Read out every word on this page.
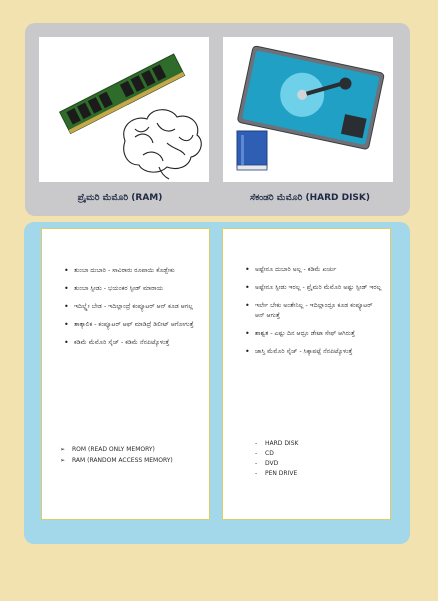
ಪ್ರೈಮರಿ ಮೆಮೊರಿ (RAM)	ಸೆಕಂಡರಿ ಮೆಮೊರಿ (HARD DISK)
• ತುಂಬಾ ದುಬಾರಿ - ಸಾವಿರಾರು ರೂಪಾಯಿ ಕೊಡ್ಬೇಕು
• ತುಂಬಾ ಸ್ಪೀಡು - ಭಯಂಕರ ಸ್ಪೀಡ್ ಮಾರಾಯ
• ಇದಿಲ್ಲ್ದೇ ಬೇಡ - ಇದಿಲ್ಲಾಂದ್ರೆ ಕಂಪ್ಯೂಟರ್ ಆನ್ ಕೂಡ ಆಗಲ್ಲ
• ತಾತ್ಕಾಲಿಕ - ಕಂಪ್ಯೂಟರ್ ಆಫ್ ಮಾಡಿದ್ರೆ ಡಿಲೀಟ್ ಆಗೋಗುತ್ತೆ
• ಕಡಿಮೆ ಮೆಮೊರಿ ಸೈಜ್ - ಕಡಿಮೆ ನೆನಪಿಟ್ಕೊಳುತ್ತೆ
➢ ROM (READ ONLY MEMORY)
➢ RAM (RANDOM ACCESS MEMORY)
• ಅಷ್ಟೇನೂ ದುಬಾರಿ ಅಲ್ಲ - ಕಡಿಮೆ ಖರ್ಚು
• ಅಷ್ಟೇನೂ ಸ್ಪೀಡು ಇರಲ್ಲ - ಪ್ರೈಮರಿ ಮೆಮೊರಿ ಅಷ್ಟು ಸ್ಪೀಡ್ ಇರಲ್ಲ
• ಇರ್ಲೇ ಬೇಕು ಅಂತೇನಿಲ್ಲ - ಇದಿಲ್ಲಾಂದ್ರೂ ಕೂಡ ಕಂಪ್ಯೂಟರ್ ಆನ್ ಆಗುತ್ತೆ
• ಶಾಶ್ವತ - ಎಷ್ಟು ದಿನ ಆದ್ರೂ ಡೇಟಾ ಸೇಫ್ ಆಗಿರುತ್ತೆ
• ಜಾಸ್ತಿ ಮೆಮೊರಿ ಸೈಜ್ - ಸಿಕ್ಕಾಪಟ್ಟೆ ನೆನಪಿಟ್ಕೊಳುತ್ತೆ
- HARD DISK
- CD
- DVD
- PEN DRIVE
